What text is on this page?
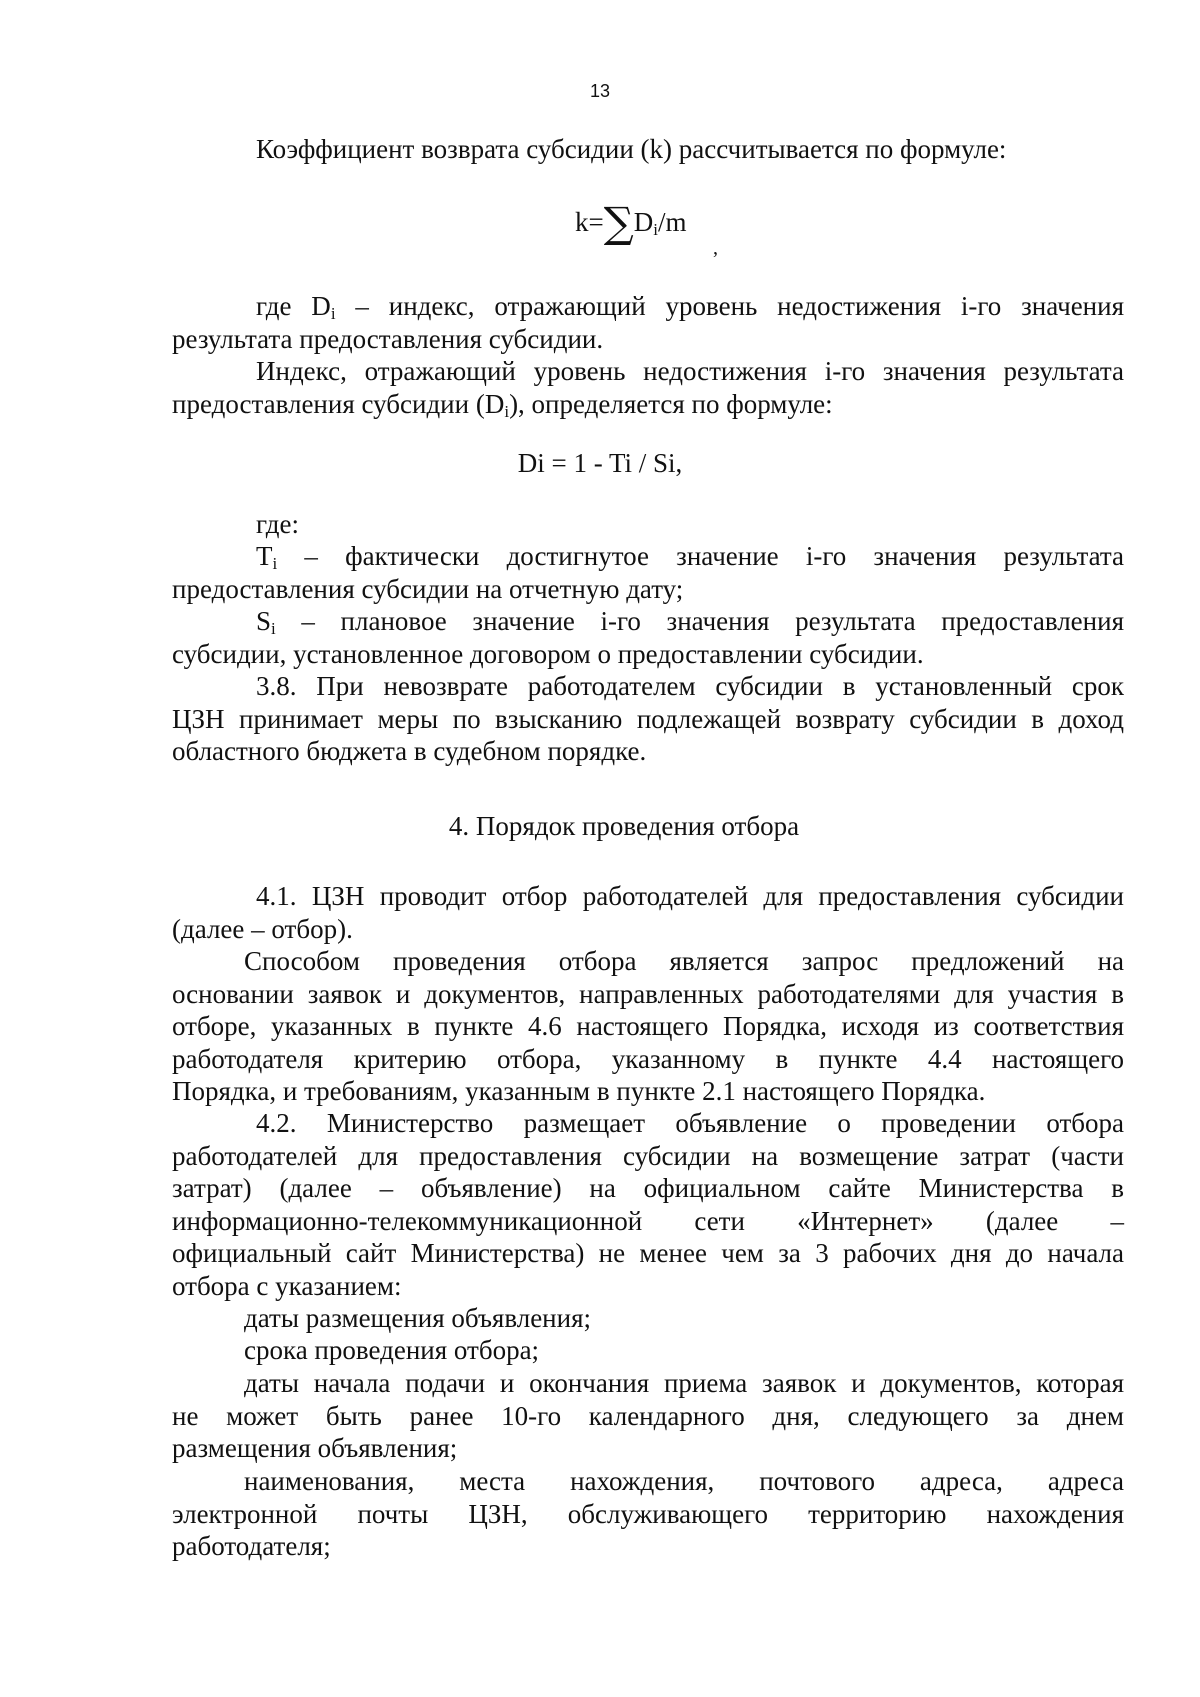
13
Коэффициент возврата субсидии (k) рассчитывается по формуле:
$k=\sum D_i/m$
,
где $D_i$ – индекс, отражающий уровень недостижения i-го значения
результата предоставления субсидии.
Индекс, отражающий уровень недостижения i-го значения результата
предоставления субсидии $(D_i)$, определяется по формуле:
Di = 1 - Ti / Si,
где:
$T_i$ – фактически достигнутое значение i-го значения результата
предоставления субсидии на отчетную дату;
$S_i$ – плановое значение i-го значения результата предоставления
субсидии, установленное договором о предоставлении субсидии.
3.8. При невозврате работодателем субсидии в установленный срок
ЦЗН принимает меры по взысканию подлежащей возврату субсидии в доход
областного бюджета в судебном порядке.
4. Порядок проведения отбора
4.1. ЦЗН проводит отбор работодателей для предоставления субсидии
(далее – отбор).
Способом проведения отбора является запрос предложений на
основании заявок и документов, направленных работодателями для участия в
отборе, указанных в пункте 4.6 настоящего Порядка, исходя из соответствия
работодателя критерию отбора, указанному в пункте 4.4 настоящего
Порядка, и требованиям, указанным в пункте 2.1 настоящего Порядка.
4.2. Министерство размещает объявление о проведении отбора
работодателей для предоставления субсидии на возмещение затрат (части
затрат) (далее – объявление) на официальном сайте Министерства в
информационно-телекоммуникационной сети «Интернет» (далее –
официальный сайт Министерства) не менее чем за 3 рабочих дня до начала
отбора с указанием:
даты размещения объявления;
срока проведения отбора;
даты начала подачи и окончания приема заявок и документов, которая
не может быть ранее 10-го календарного дня, следующего за днем
размещения объявления;
наименования, места нахождения, почтового адреса, адреса
электронной почты ЦЗН, обслуживающего территорию нахождения
работодателя;
